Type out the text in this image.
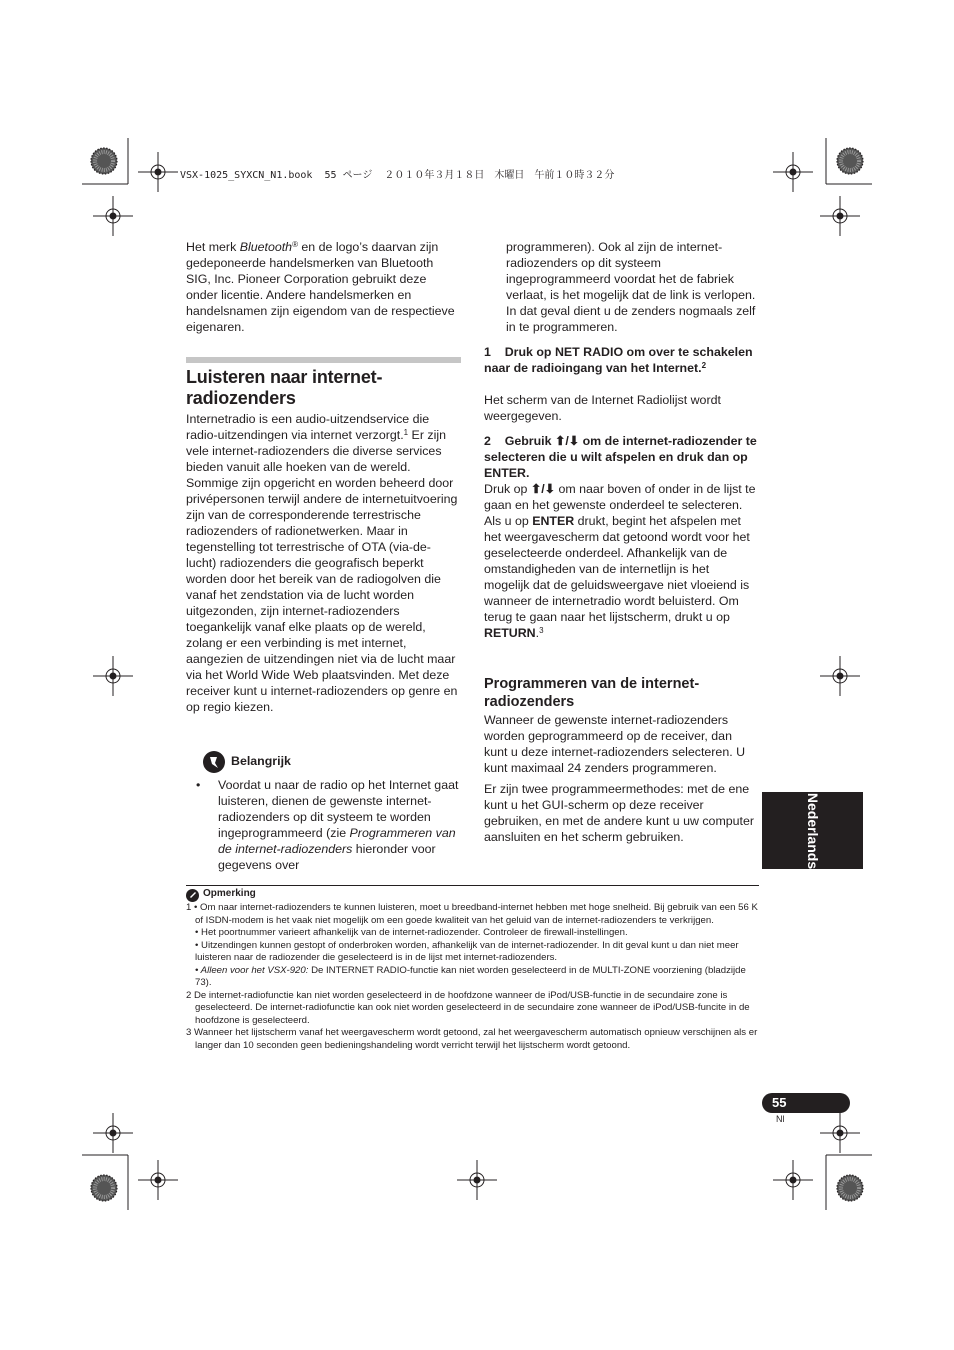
VSX-1025_SYXCN_N1.book  55 ページ  ２０１０年３月１８日　木曜日　午前１０時３２分

Het merk Bluetooth® en de logo’s daarvan zijn gedeponeerde handelsmerken van Bluetooth SIG, Inc. Pioneer Corporation gebruikt deze onder licentie. Andere handelsmerken en handelsnamen zijn eigendom van de respectieve eigenaren.

Luisteren naar internet-radiozenders

Internetradio is een audio-uitzendservice die radio-uitzendingen via internet verzorgt.$^1$ Er zijn vele internet-radiozenders die diverse services bieden vanuit alle hoeken van de wereld. Sommige zijn opgericht en worden beheerd door privépersonen terwijl andere de internetuitvoering zijn van de corresponderende terrestrische radiozenders of radionetwerken. Maar in tegenstelling tot terrestrische of OTA (via-de-lucht) radiozenders die geografisch beperkt worden door het bereik van de radiogolven die vanaf het zendstation via de lucht worden uitgezonden, zijn internet-radiozenders toegankelijk vanaf elke plaats op de wereld, zolang er een verbinding is met internet, aangezien de uitzendingen niet via de lucht maar via het World Wide Web plaatsvinden. Met deze receiver kunt u internet-radiozenders op genre en op regio kiezen.

Belangrijk
•	Voordat u naar de radio op het Internet gaat luisteren, dienen de gewenste internet-radiozenders op dit systeem te worden ingeprogrammeerd (zie Programmeren van de internet-radiozenders hieronder voor gegevens over

programmeren). Ook al zijn de internet-radiozenders op dit systeem ingeprogrammeerd voordat het de fabriek verlaat, is het mogelijk dat de link is verlopen. In dat geval dient u de zenders nogmaals zelf in te programmeren.
1 Druk op NET RADIO om over te schakelen naar de radioingang van het Internet.$^2$
Het scherm van de Internet Radiolijst wordt weergegeven.
2 Gebruik ⬆/⬇ om de internet-radiozender te selecteren die u wilt afspelen en druk dan op ENTER.

Druk op ⬆/⬇ om naar boven of onder in de lijst te gaan en het gewenste onderdeel te selecteren. Als u op ENTER drukt, begint het afspelen met het weergavescherm dat getoond wordt voor het geselecteerde onderdeel. Afhankelijk van de omstandigheden van de internetlijn is het mogelijk dat de geluidsweergave niet vloeiend is wanneer de internetradio wordt beluisterd. Om terug te gaan naar het lijstscherm, drukt u op RETURN.$^3$

Programmeren van de internet-radiozenders
Wanneer de gewenste internet-radiozenders worden geprogrammeerd op de receiver, dan kunt u deze internet-radiozenders selecteren. U kunt maximaal 24 zenders programmeren.
Er zijn twee programmeermethodes: met de ene kunt u het GUI-scherm op deze receiver gebruiken, en met de andere kunt u uw computer aansluiten en het scherm gebruiken.	Nederlands
Opmerking

1 • Om naar internet-radiozenders te kunnen luisteren, moet u breedband-internet hebben met hoge snelheid. Bij gebruik van een 56 K of ISDN-modem is het vaak niet mogelijk om een goede kwaliteit van het geluid van de internet-radiozenders te verkrijgen.

• Het poortnummer varieert afhankelijk van de internet-radiozender. Controleer de firewall-instellingen.

• Uitzendingen kunnen gestopt of onderbroken worden, afhankelijk van de internet-radiozender. In dit geval kunt u dan niet meer luisteren naar de radiozender die geselecteerd is in de lijst met internet-radiozenders.

• Alleen voor het VSX-920: De INTERNET RADIO-functie kan niet worden geselecteerd in de MULTI-ZONE voorziening (bladzijde 73).

2 De internet-radiofunctie kan niet worden geselecteerd in de hoofdzone wanneer de iPod/USB-functie in de secundaire zone is geselecteerd. De internet-radiofunctie kan ook niet worden geselecteerd in de secundaire zone wanneer de iPod/USB-funcite in de hoofdzone is geselecteerd.

3 Wanneer het lijstscherm vanaf het weergavescherm wordt getoond, zal het weergavescherm automatisch opnieuw verschijnen als er langer dan 10 seconden geen bedieningshandeling wordt verricht terwijl het lijstscherm wordt getoond.

55
Nl
